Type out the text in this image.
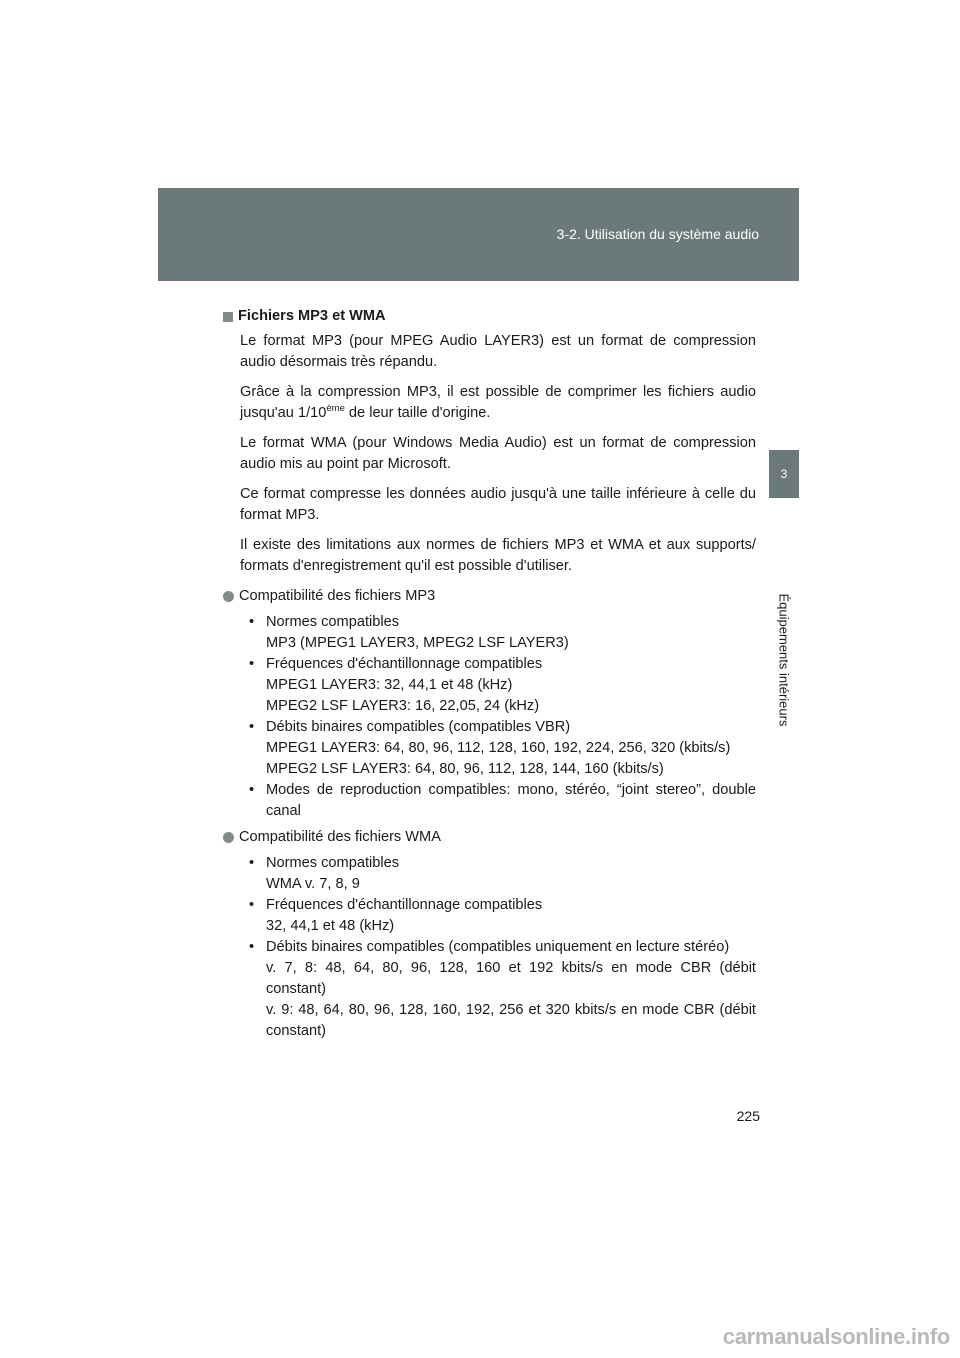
3-2. Utilisation du système audio
3
Équipements intérieurs
Fichiers MP3 et WMA

Le format MP3 (pour MPEG Audio LAYER3) est un format de compression audio désormais très répandu.

Grâce à la compression MP3, il est possible de comprimer les fichiers audio jusqu'au 1/10ème de leur taille d'origine.

Le format WMA (pour Windows Media Audio) est un format de compression audio mis au point par Microsoft.

Ce format compresse les données audio jusqu'à une taille inférieure à celle du format MP3.

Il existe des limitations aux normes de fichiers MP3 et WMA et aux supports/ formats d'enregistrement qu'il est possible d'utiliser.

Compatibilité des fichiers MP3
• Normes compatibles
MP3 (MPEG1 LAYER3, MPEG2 LSF LAYER3)
• Fréquences d'échantillonnage compatibles
MPEG1 LAYER3: 32, 44,1 et 48 (kHz)
MPEG2 LSF LAYER3: 16, 22,05, 24 (kHz)
• Débits binaires compatibles (compatibles VBR)
MPEG1 LAYER3: 64, 80, 96, 112, 128, 160, 192, 224, 256, 320 (kbits/s)
MPEG2 LSF LAYER3: 64, 80, 96, 112, 128, 144, 160 (kbits/s)
• Modes de reproduction compatibles: mono, stéréo, “joint stereo”, double canal
Compatibilité des fichiers WMA
• Normes compatibles
WMA v. 7, 8, 9
• Fréquences d'échantillonnage compatibles
32, 44,1 et 48 (kHz)
• Débits binaires compatibles (compatibles uniquement en lecture stéréo)
v. 7, 8: 48, 64, 80, 96, 128, 160 et 192 kbits/s en mode CBR (débit constant)
v. 9: 48, 64, 80, 96, 128, 160, 192, 256 et 320 kbits/s en mode CBR (débit constant)
225
carmanualsonline.info
